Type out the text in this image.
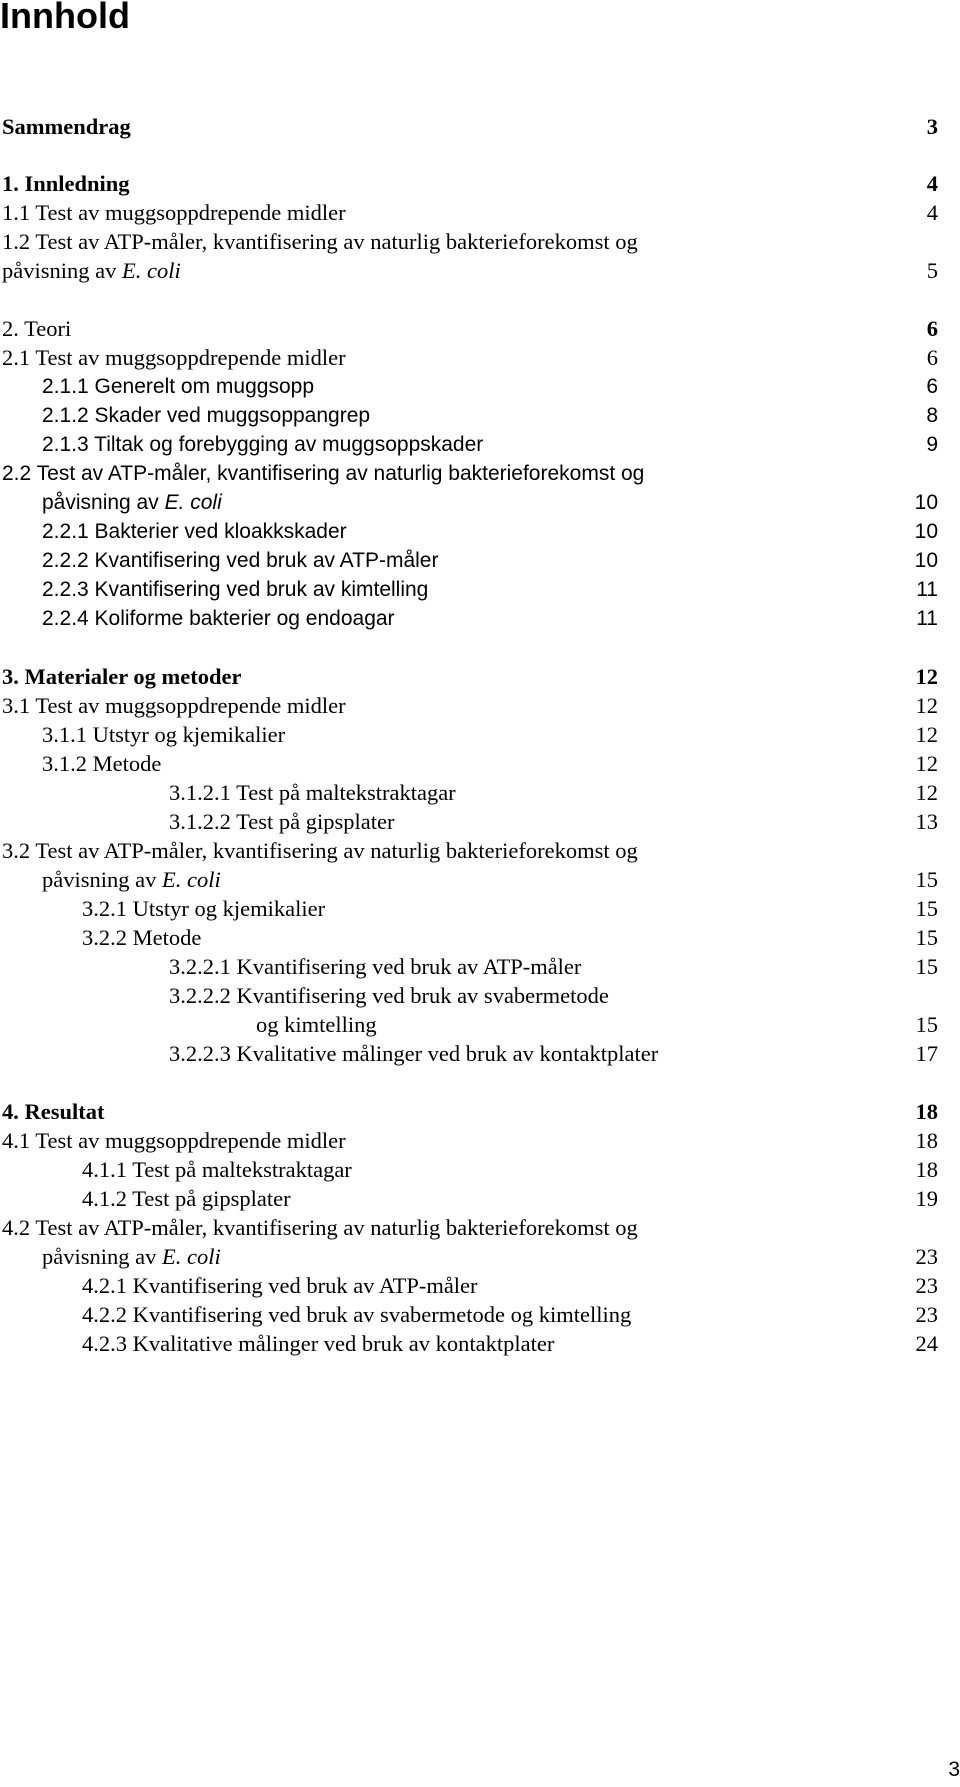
Innhold
Sammendrag	3
1. Innledning	4
1.1 Test av muggsoppdrepende midler	4
1.2 Test av ATP-måler, kvantifisering av naturlig bakterieforekomst og
påvisning av E. coli	5
2. Teori	6
2.1 Test av muggsoppdrepende midler	6
2.1.1 Generelt om muggsopp	6
2.1.2 Skader ved muggsoppangrep	8
2.1.3 Tiltak og forebygging av muggsoppskader	9
2.2 Test av ATP-måler, kvantifisering av naturlig bakterieforekomst og
påvisning av E. coli	10
2.2.1 Bakterier ved kloakkskader	10
2.2.2 Kvantifisering ved bruk av ATP-måler	10
2.2.3 Kvantifisering ved bruk av kimtelling	11
2.2.4 Koliforme bakterier og endoagar	11
3. Materialer og metoder	12
3.1 Test av muggsoppdrepende midler	12
3.1.1 Utstyr og kjemikalier	12
3.1.2 Metode	12
3.1.2.1 Test på maltekstraktagar	12
3.1.2.2 Test på gipsplater	13
3.2 Test av ATP-måler, kvantifisering av naturlig bakterieforekomst og
påvisning av E. coli	15
3.2.1 Utstyr og kjemikalier	15
3.2.2 Metode	15
3.2.2.1 Kvantifisering ved bruk av ATP-måler	15
3.2.2.2 Kvantifisering ved bruk av svabermetode
og kimtelling	15
3.2.2.3 Kvalitative målinger ved bruk av kontaktplater	17
4. Resultat	18
4.1 Test av muggsoppdrepende midler	18
4.1.1 Test på maltekstraktagar	18
4.1.2 Test på gipsplater	19
4.2 Test av ATP-måler, kvantifisering av naturlig bakterieforekomst og
påvisning av E. coli	23
4.2.1 Kvantifisering ved bruk av ATP-måler	23
4.2.2 Kvantifisering ved bruk av svabermetode og kimtelling	23
4.2.3 Kvalitative målinger ved bruk av kontaktplater	24
3
